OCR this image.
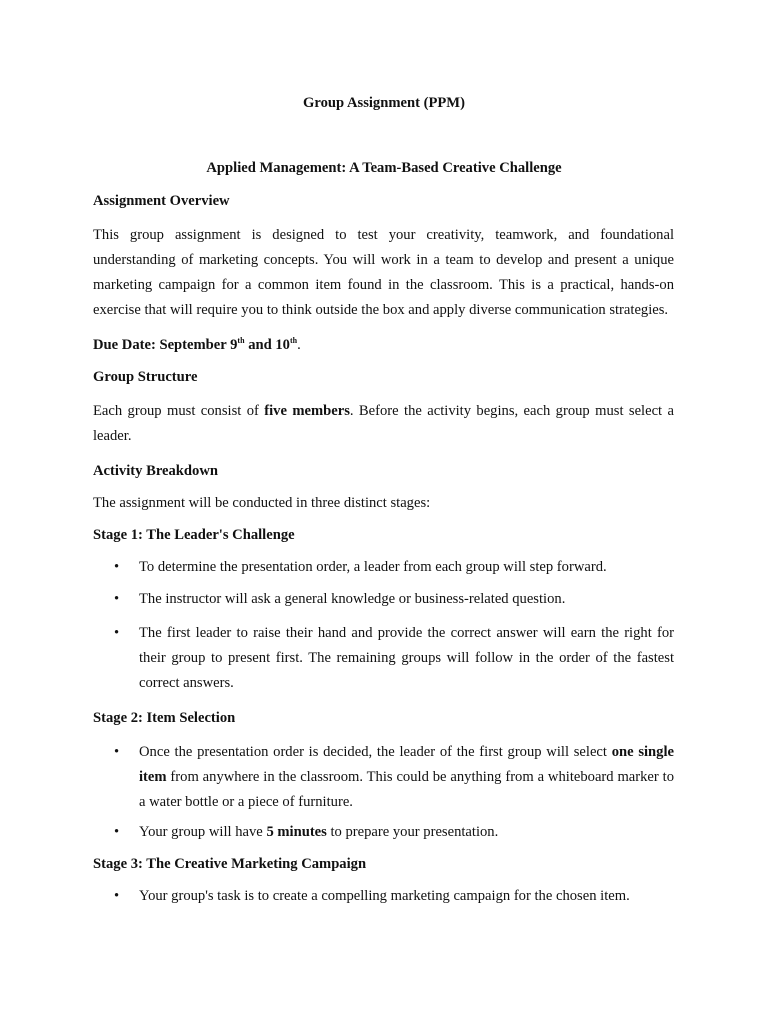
Group Assignment (PPM)
Applied Management: A Team-Based Creative Challenge
Assignment Overview

This group assignment is designed to test your creativity, teamwork, and foundational understanding of marketing concepts. You will work in a team to develop and present a unique marketing campaign for a common item found in the classroom. This is a practical, hands-on exercise that will require you to think outside the box and apply diverse communication strategies.

Due Date: September 9th and 10th.

Group Structure

Each group must consist of five members. Before the activity begins, each group must select a leader.

Activity Breakdown

The assignment will be conducted in three distinct stages:

Stage 1: The Leader's Challenge
• To determine the presentation order, a leader from each group will step forward.
• The instructor will ask a general knowledge or business-related question.
• The first leader to raise their hand and provide the correct answer will earn the right for their group to present first. The remaining groups will follow in the order of the fastest correct answers.
Stage 2: Item Selection
• Once the presentation order is decided, the leader of the first group will select one single item from anywhere in the classroom. This could be anything from a whiteboard marker to a water bottle or a piece of furniture.
• Your group will have 5 minutes to prepare your presentation.
Stage 3: The Creative Marketing Campaign
• Your group's task is to create a compelling marketing campaign for the chosen item.
